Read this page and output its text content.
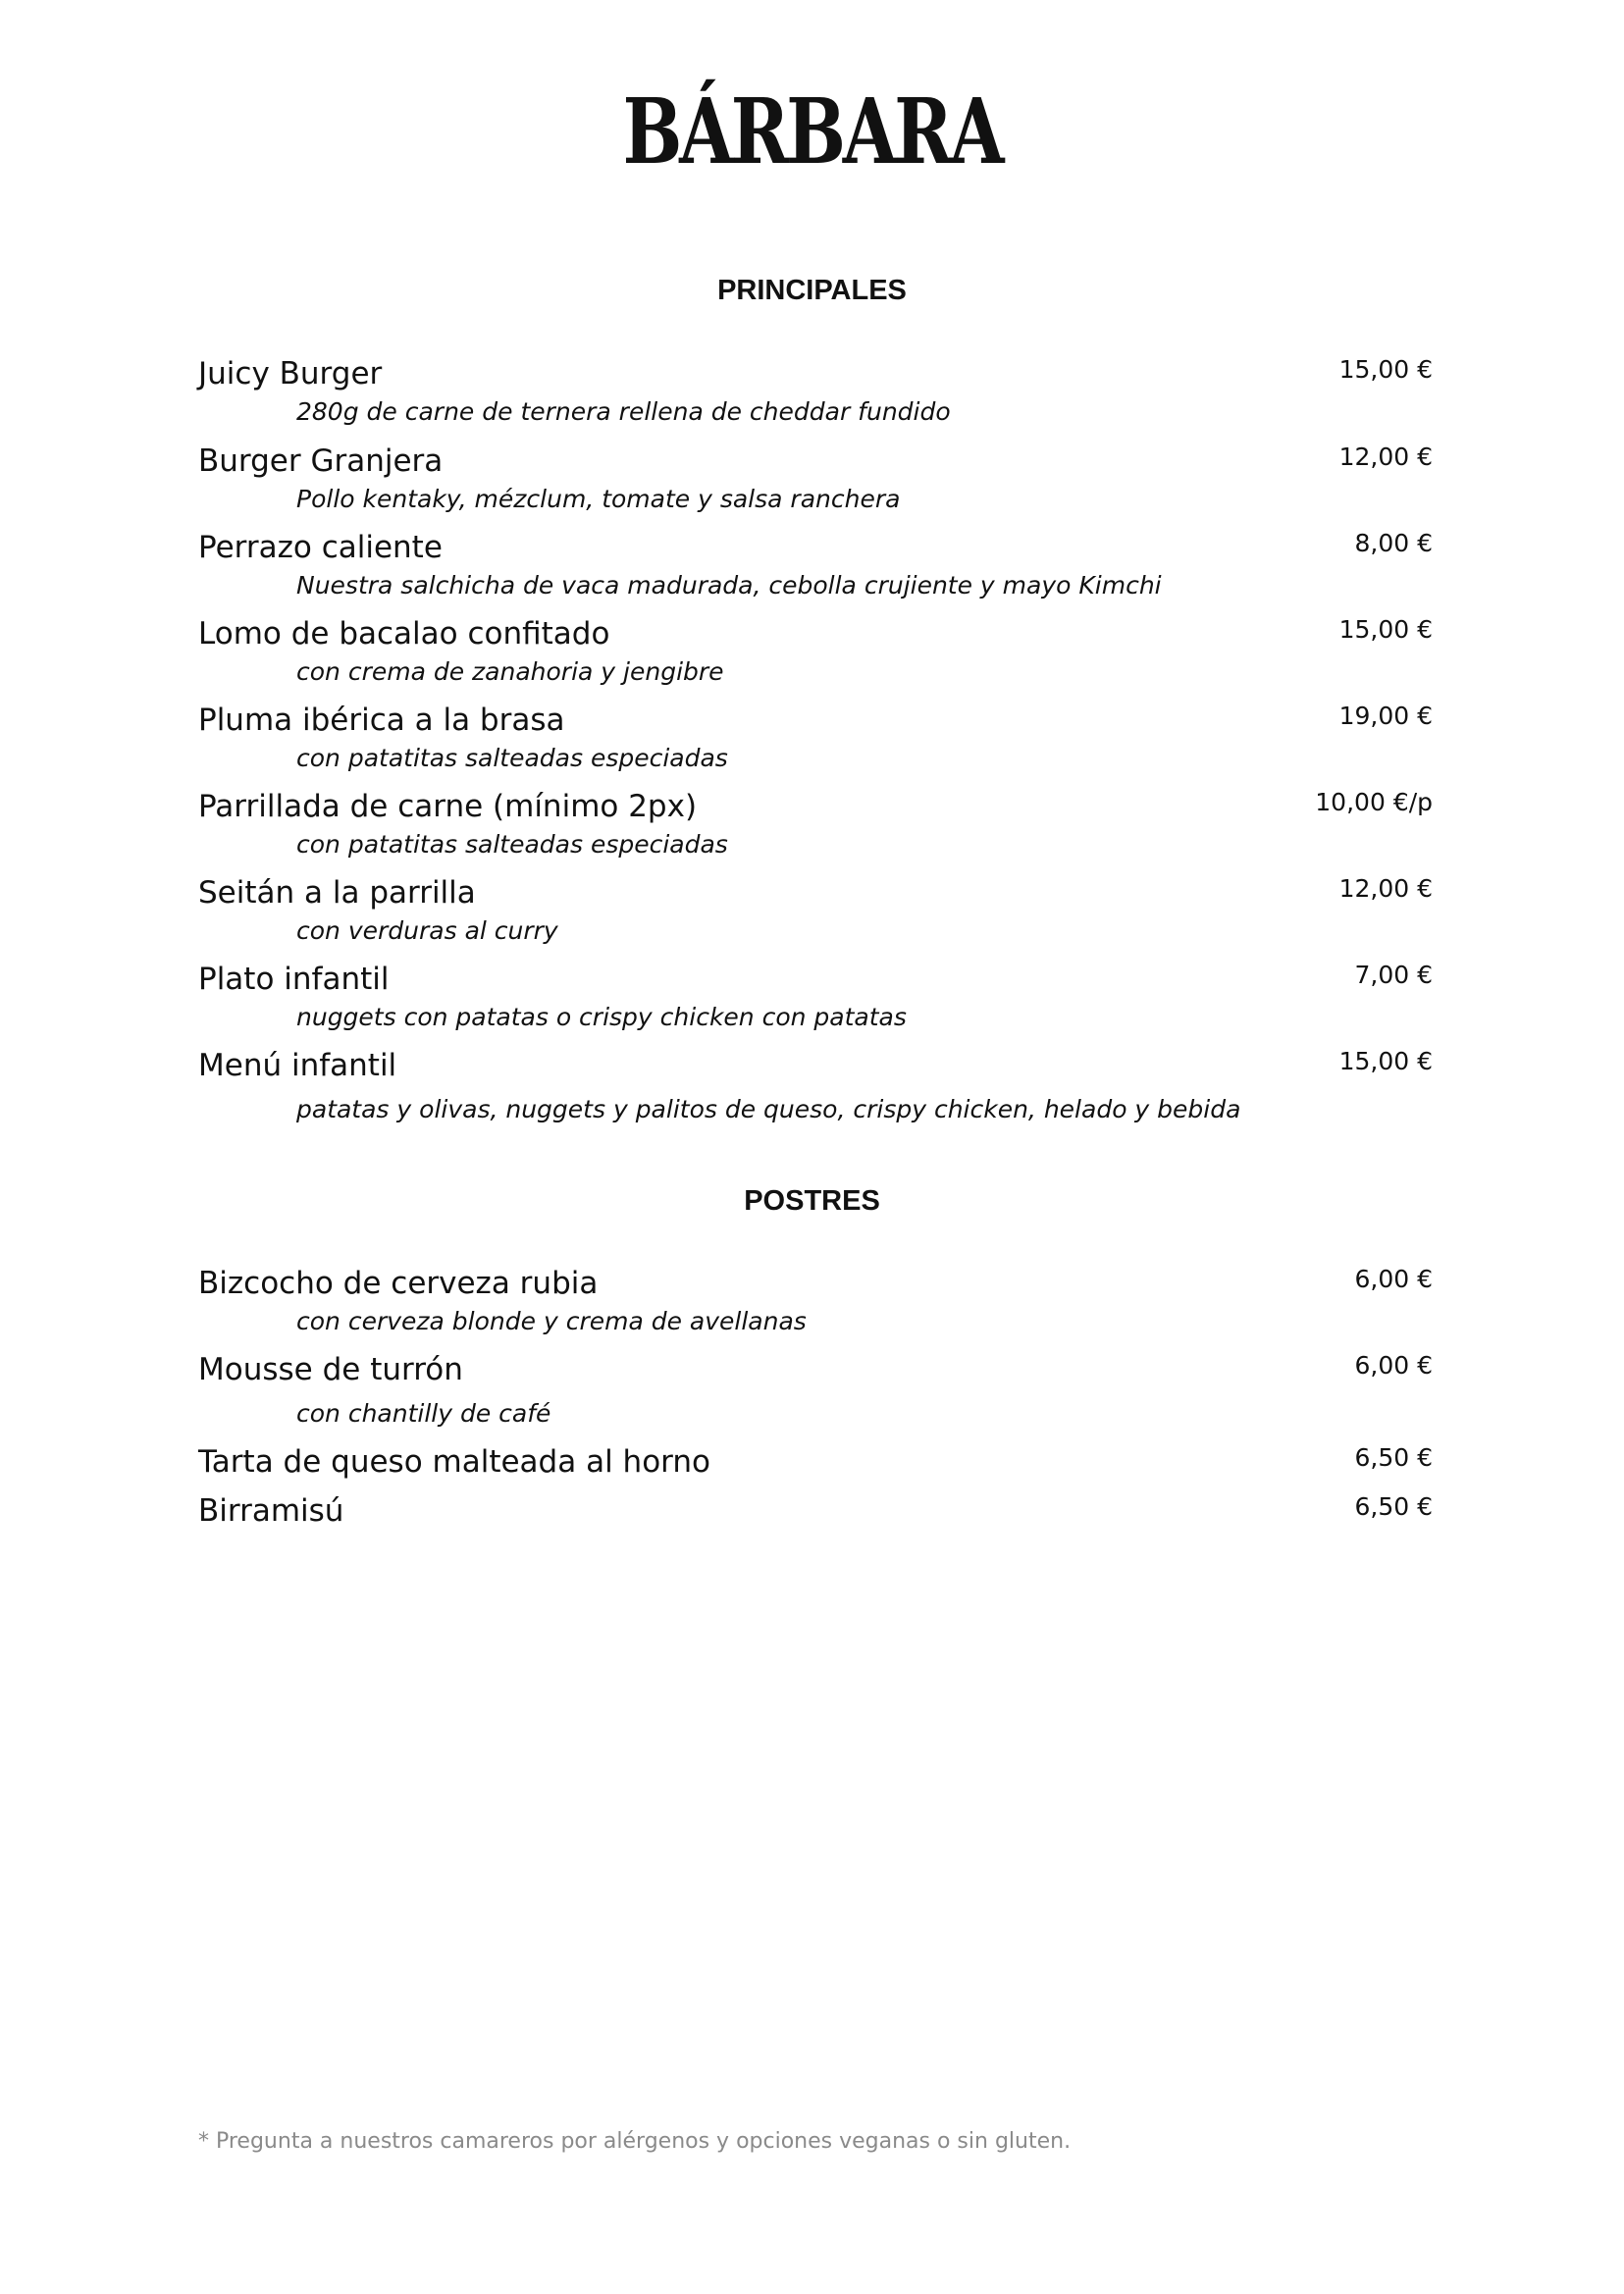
BÁRBARA
PRINCIPALES
Juicy Burger	15,00 €
280g de carne de ternera rellena de cheddar fundido
Burger Granjera	12,00 €
Pollo kentaky, mézclum, tomate y salsa ranchera
Perrazo caliente	8,00 €
Nuestra salchicha de vaca madurada, cebolla crujiente y mayo Kimchi
Lomo de bacalao confitado	15,00 €
con crema de zanahoria y jengibre
Pluma ibérica a la brasa	19,00 €
con patatitas salteadas especiadas
Parrillada de carne (mínimo 2px)	10,00 €/p
con patatitas salteadas especiadas
Seitán a la parrilla	12,00 €
con verduras al curry
Plato infantil	7,00 €
nuggets con patatas o crispy chicken con patatas
Menú infantil	15,00 €
patatas y olivas, nuggets y palitos de queso, crispy chicken, helado y bebida
POSTRES
Bizcocho de cerveza rubia	6,00 €
con cerveza blonde y crema de avellanas
Mousse de turrón	6,00 €
con chantilly de café
Tarta de queso malteada al horno	6,50 €
Birramisú	6,50 €
* Pregunta a nuestros camareros por alérgenos y opciones veganas o sin gluten.
